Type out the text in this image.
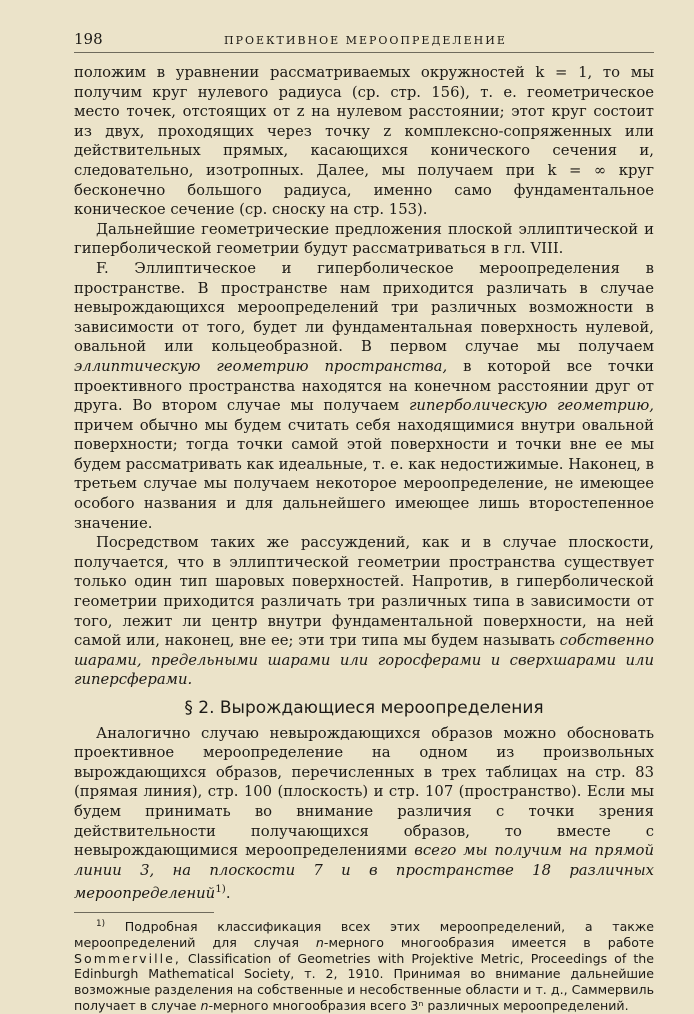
198	ПРОЕКТИВНОЕ МЕРООПРЕДЕЛЕНИЕ

положим в уравнении рассматриваемых окружностей k = 1, то мы получим круг нулевого радиуса (ср. стр. 156), т. е. геометрическое место точек, отстоящих от z на нулевом расстоянии; этот круг состоит из двух, проходящих через точку z комплексно-сопряженных или действительных прямых, касающихся конического сечения и, следовательно, изотропных. Далее, мы получаем при k = ∞ круг бесконечно большого радиуса, именно само фундаментальное коническое сечение (ср. сноску на стр. 153).

Дальнейшие геометрические предложения плоской эллиптической и гиперболической геометрии будут рассматриваться в гл. VIII.

F. Эллиптическое и гиперболическое мероопределения в пространстве. В пространстве нам приходится различать в случае невырождающихся мероопределений три различных возможности в зависимости от того, будет ли фундаментальная поверхность нулевой, овальной или кольцеобразной. В первом случае мы получаем эллиптическую геометрию пространства, в которой все точки проективного пространства находятся на конечном расстоянии друг от друга. Во втором случае мы получаем гиперболическую геометрию, причем обычно мы будем считать себя находящимися внутри овальной поверхности; тогда точки самой этой поверхности и точки вне ее мы будем рассматривать как идеальные, т. е. как недостижимые. Наконец, в третьем случае мы получаем некоторое мероопределение, не имеющее особого названия и для дальнейшего имеющее лишь второстепенное значение.

Посредством таких же рассуждений, как и в случае плоскости, получается, что в эллиптической геометрии пространства существует только один тип шаровых поверхностей. Напротив, в гиперболической геометрии приходится различать три различных типа в зависимости от того, лежит ли центр внутри фундаментальной поверхности, на ней самой или, наконец, вне ее; эти три типа мы будем называть собственно шарами, предельными шарами или горосферами и сверхшарами или гиперсферами.

§ 2. Вырождающиеся мероопределения

Аналогично случаю невырождающихся образов можно обосновать проективное мероопределение на одном из произвольных вырождающихся образов, перечисленных в трех таблицах на стр. 83 (прямая линия), стр. 100 (плоскость) и стр. 107 (пространство). Если мы будем принимать во внимание различия с точки зрения действительности получающихся образов, то вместе с невырождающимися мероопределениями всего мы получим на прямой линии 3, на плоскости 7 и в пространстве 18 различных мероопределений$^{1)}$.

$^{1)}$ Подробная классификация всех этих мероопределений, а также мероопределений для случая n-мерного многообразия имеется в работе Sommerville, Classification of Geometries with Projektive Metric, Proceedings of the Edinburgh Mathematical Society, т. 2, 1910. Принимая во внимание дальнейшие возможные разделения на собственные и несобственные области и т. д., Саммервиль получает в случае n-мерного многообразия всего 3ⁿ различных мероопределений.
